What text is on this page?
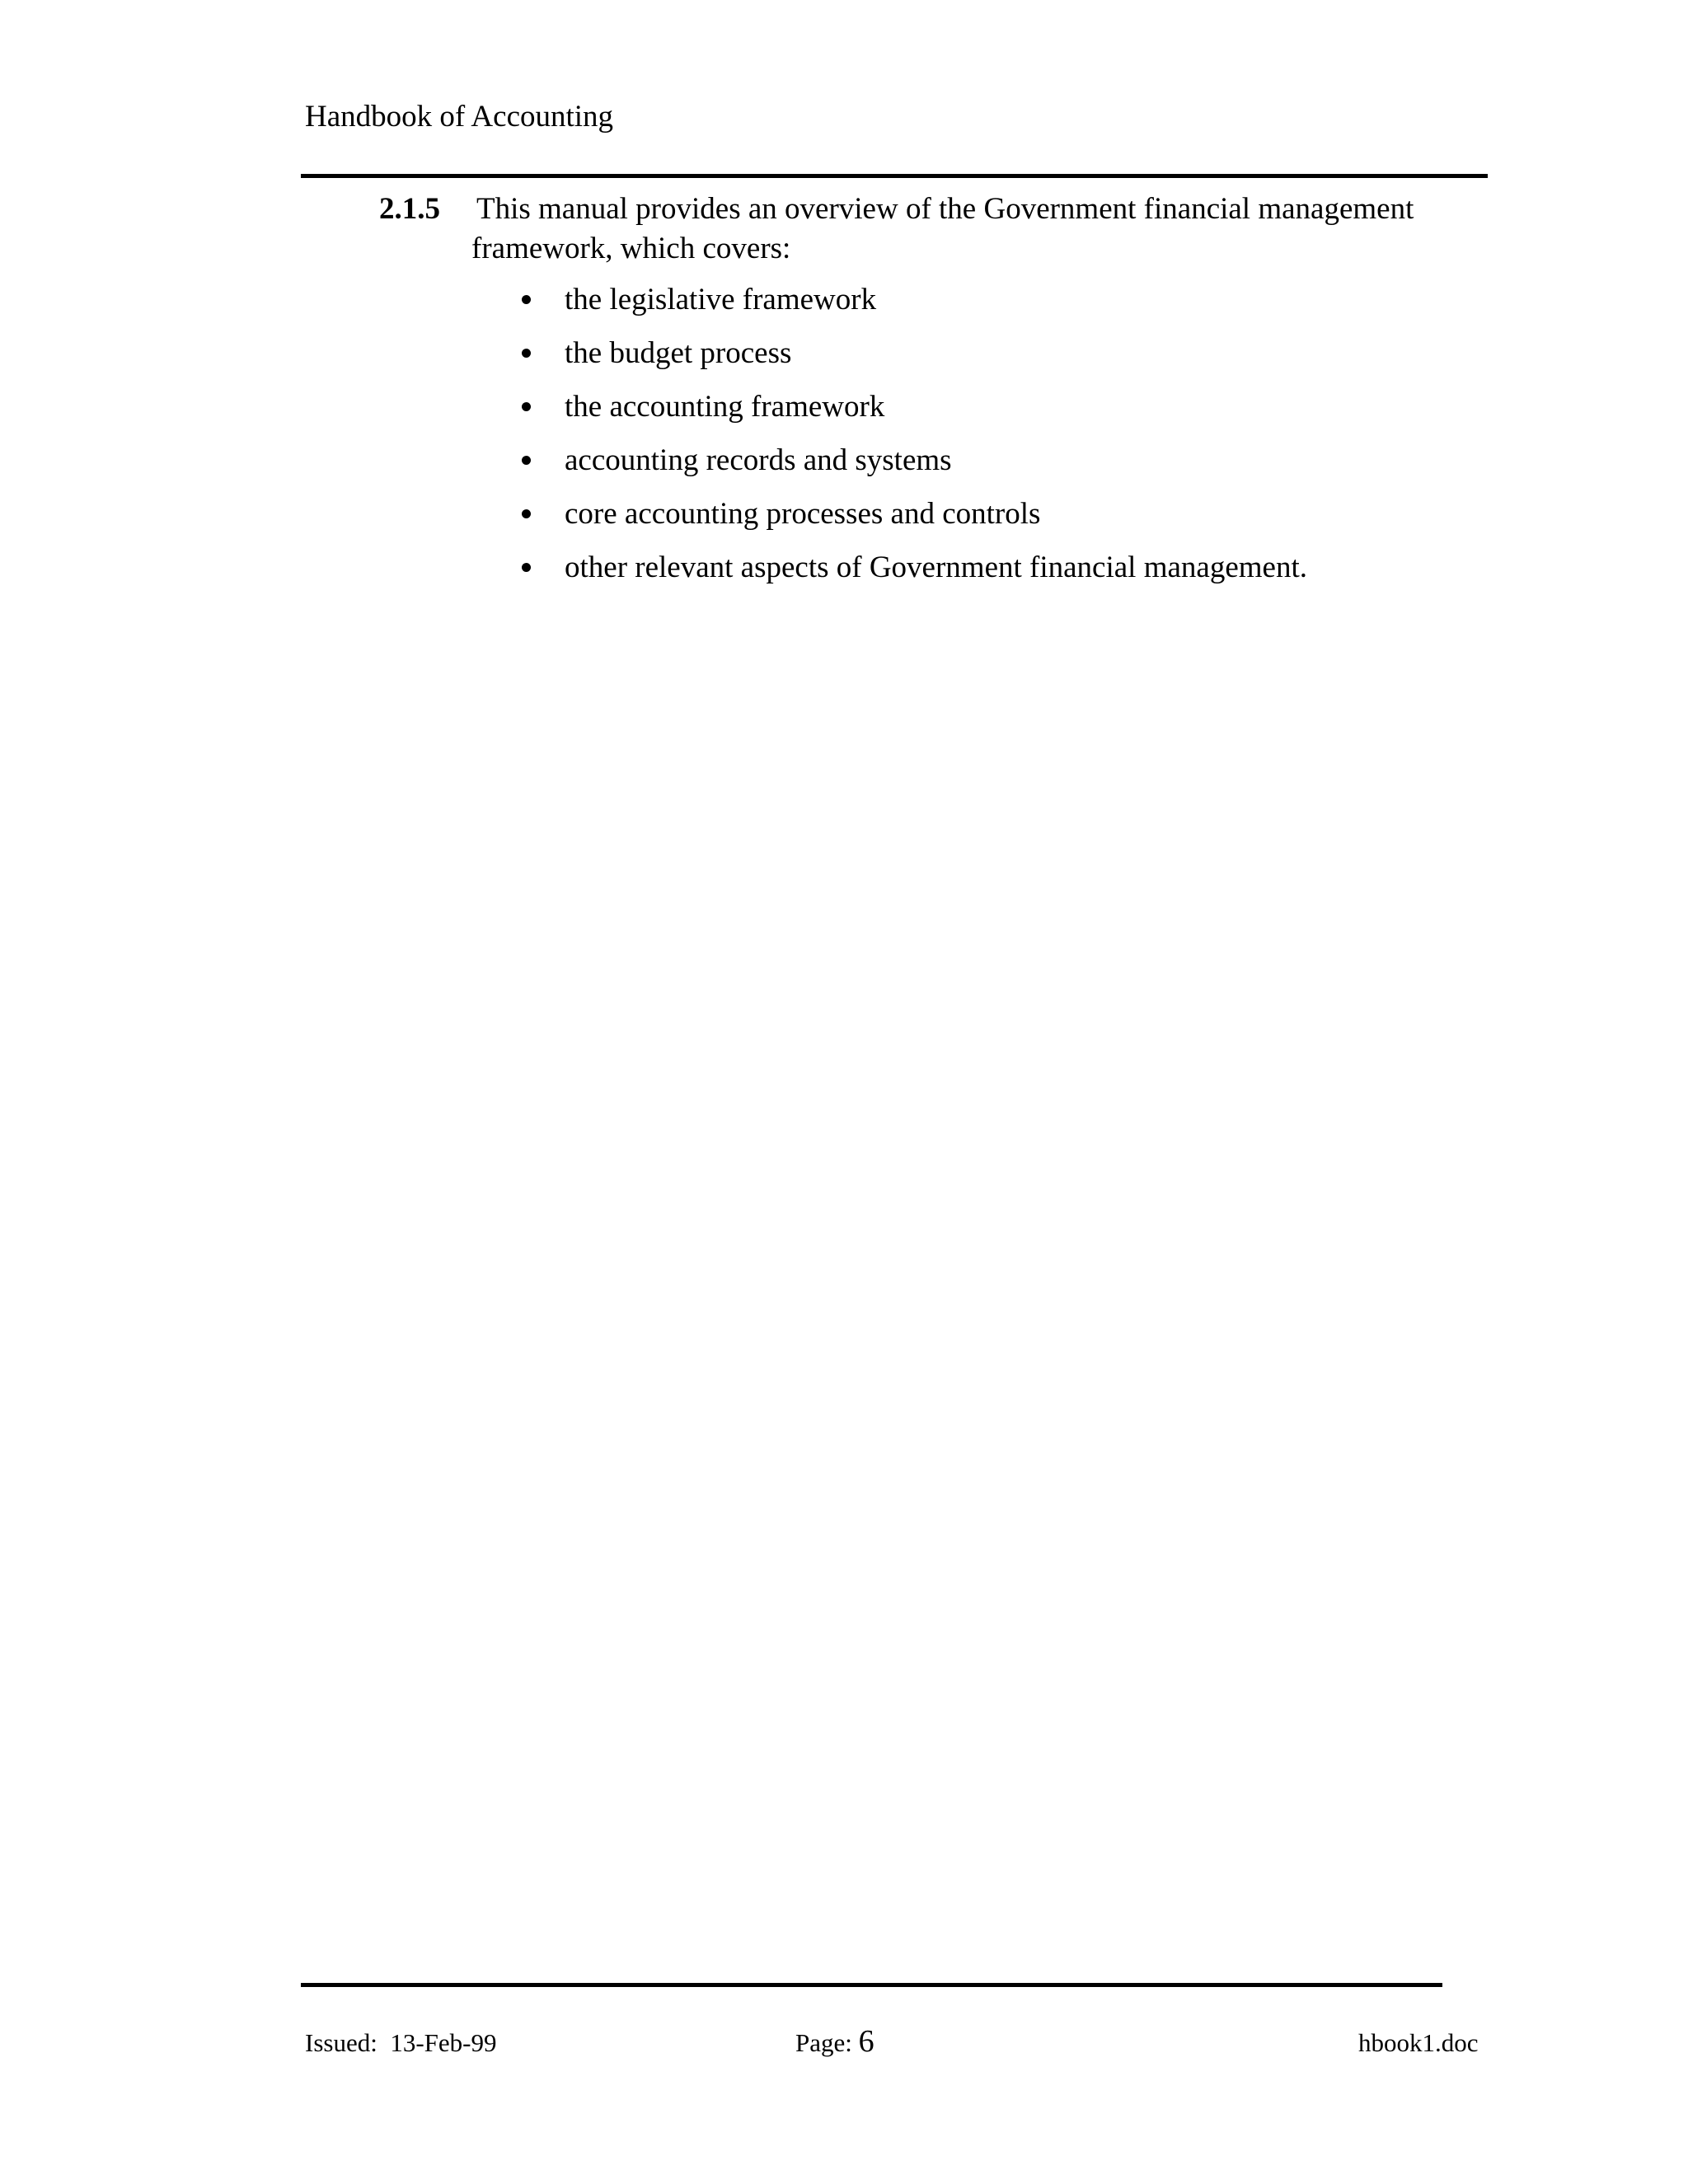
Handbook of Accounting
2.1.5 This manual provides an overview of the Government financial management framework, which covers:
the legislative framework
the budget process
the accounting framework
accounting records and systems
core accounting processes and controls
other relevant aspects of Government financial management.
Issued: 13-Feb-99	Page: 6	hbook1.doc
